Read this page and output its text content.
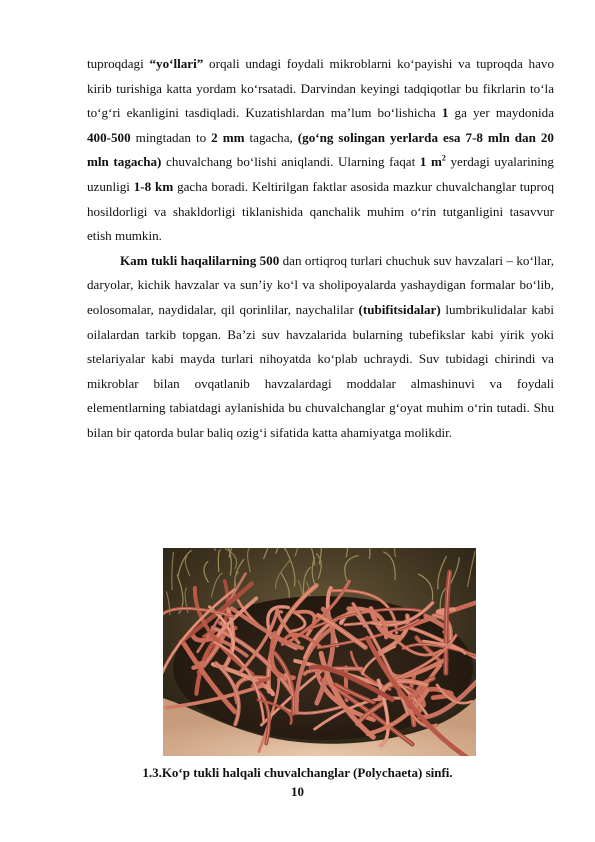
tuproqdagi “yo‘llari” orqali undagi foydali mikroblarni ko‘payishi va tuproqda havo kirib turishiga katta yordam ko‘rsatadi. Darvindan keyingi tadqiqotlar bu fikrlarin to‘la to‘g‘ri ekanligini tasdiqladi. Kuzatishlardan ma’lum bo‘lishicha 1 ga yer maydonida 400-500 mingtadan to 2 mm tagacha, (go‘ng solingan yerlarda esa 7-8 mln dan 20 mln tagacha) chuvalchang bo‘lishi aniqlandi. Ularning faqat 1 $m^2$ yerdagi uyalarining uzunligi 1-8 km gacha boradi. Keltirilgan faktlar asosida mazkur chuvalchanglar tuproq hosildorligi va shakldorligi tiklanishida qanchalik muhim o‘rin tutganligini tasavvur etish mumkin.

Kam tukli haqalilarning 500 dan ortiqroq turlari chuchuk suv havzalari – ko‘llar, daryolar, kichik havzalar va sun’iy ko‘l va sholipoyalarda yashaydigan formalar bo‘lib, eolosomalar, naydidalar, qil qorinlilar, naychalilar (tubifitsidalar) lumbrikulidalar kabi oilalardan tarkib topgan. Ba’zi suv havzalarida bularning tubefikslar kabi yirik yoki stelariyalar kabi mayda turlari nihoyatda ko‘plab uchraydi. Suv tubidagi chirindi va mikroblar bilan ovqatlanib havzalardagi moddalar almashinuvi va foydali elementlarning tabiatdagi aylanishida bu chuvalchanglar g‘oyat muhim o‘rin tutadi. Shu bilan bir qatorda bular baliq ozig‘i sifatida katta ahamiyatga molikdir.

1.3.Ko‘p tukli halqali chuvalchanglar (Polychaeta) sinfi.
10
